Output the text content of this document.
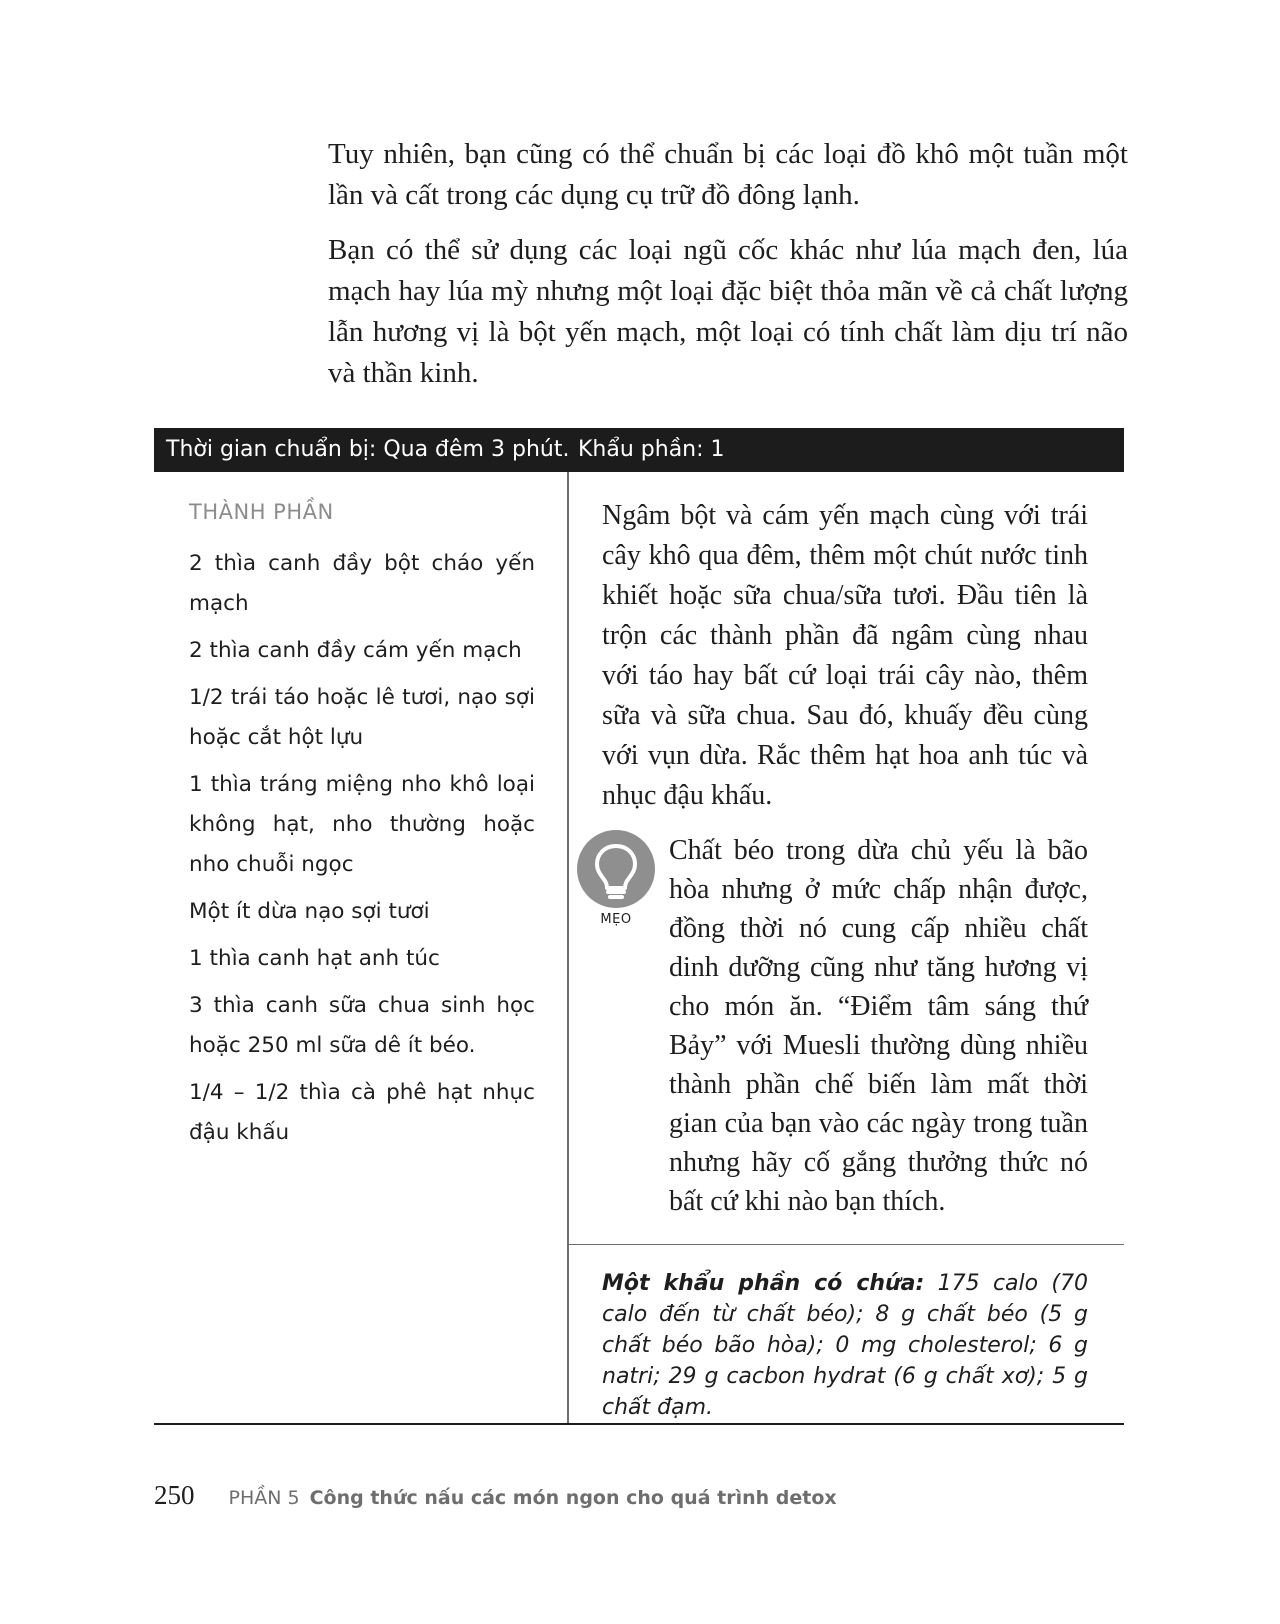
Tuy nhiên, bạn cũng có thể chuẩn bị các loại đồ khô một tuần một lần và cất trong các dụng cụ trữ đồ đông lạnh.

Bạn có thể sử dụng các loại ngũ cốc khác như lúa mạch đen, lúa mạch hay lúa mỳ nhưng một loại đặc biệt thỏa mãn về cả chất lượng lẫn hương vị là bột yến mạch, một loại có tính chất làm dịu trí não và thần kinh.

Thời gian chuẩn bị: Qua đêm 3 phút. Khẩu phần: 1
THÀNH PHẦN
2 thìa canh đầy bột cháo yến mạch
2 thìa canh đầy cám yến mạch
1/2 trái táo hoặc lê tươi, nạo sợi hoặc cắt hột lựu
1 thìa tráng miệng nho khô loại không hạt, nho thường hoặc nho chuỗi ngọc
Một ít dừa nạo sợi tươi
1 thìa canh hạt anh túc
3 thìa canh sữa chua sinh học hoặc 250 ml sữa dê ít béo.
1/4 – 1/2 thìa cà phê hạt nhục đậu khấu

Ngâm bột và cám yến mạch cùng với trái cây khô qua đêm, thêm một chút nước tinh khiết hoặc sữa chua/sữa tươi. Đầu tiên là trộn các thành phần đã ngâm cùng nhau với táo hay bất cứ loại trái cây nào, thêm sữa và sữa chua. Sau đó, khuấy đều cùng với vụn dừa. Rắc thêm hạt hoa anh túc và nhục đậu khấu.

MẸO

Chất béo trong dừa chủ yếu là bão hòa nhưng ở mức chấp nhận được, đồng thời nó cung cấp nhiều chất dinh dưỡng cũng như tăng hương vị cho món ăn. “Điểm tâm sáng thứ Bảy” với Muesli thường dùng nhiều thành phần chế biến làm mất thời gian của bạn vào các ngày trong tuần nhưng hãy cố gắng thưởng thức nó bất cứ khi nào bạn thích.

Một khẩu phần có chứa: 175 calo (70 calo đến từ chất béo); 8 g chất béo (5 g chất béo bão hòa); 0 mg cholesterol; 6 g natri; 29 g cacbon hydrat (6 g chất xơ); 5 g chất đạm.

250 PHẦN 5 Công thức nấu các món ngon cho quá trình detox
